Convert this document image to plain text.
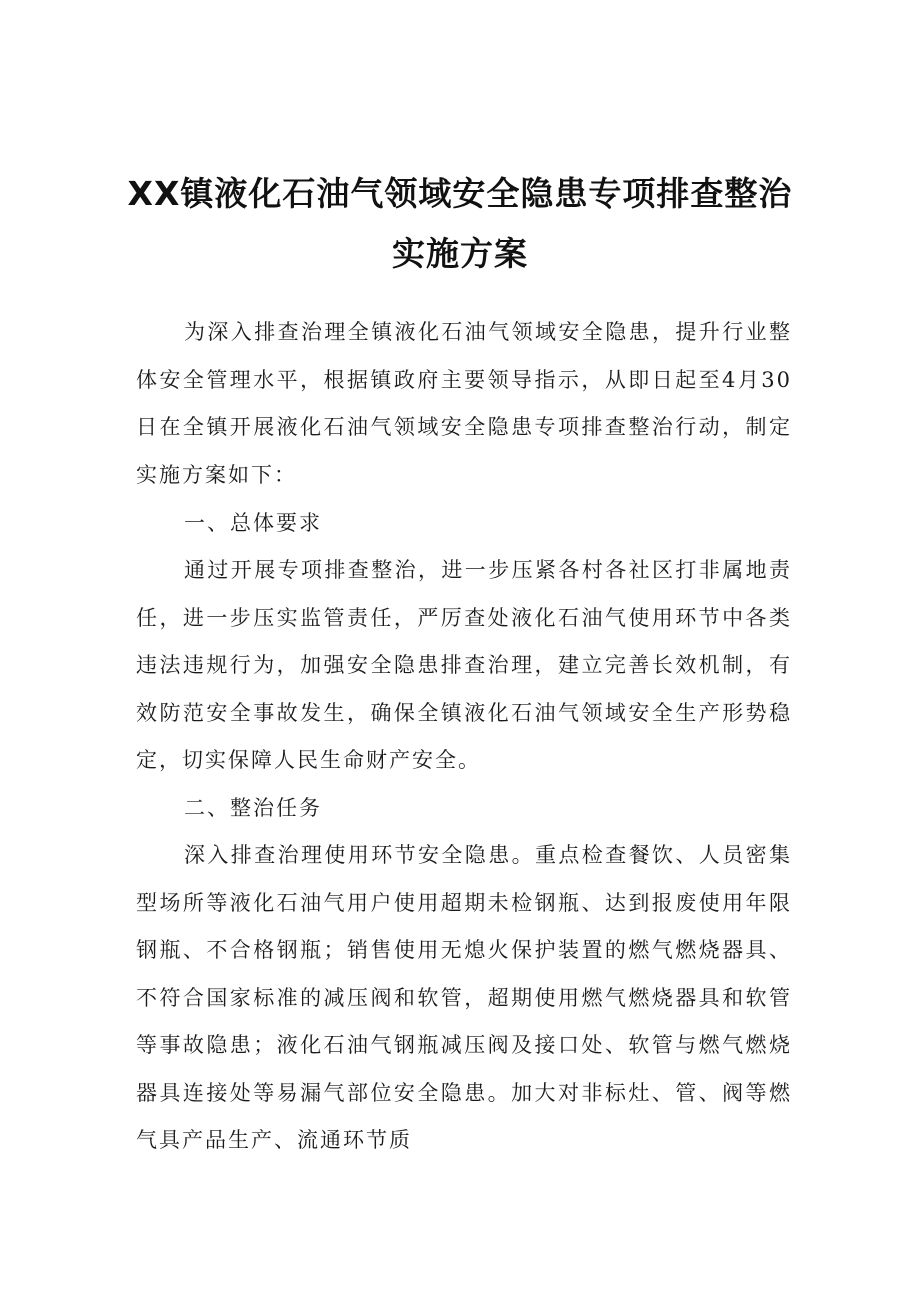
XX镇液化石油气领域安全隐患专项排查整治
实施方案

为深入排查治理全镇液化石油气领域安全隐患，提升行业整体安全管理水平，根据镇政府主要领导指示，从即日起至4月30日在全镇开展液化石油气领域安全隐患专项排查整治行动，制定实施方案如下：

一、总体要求

通过开展专项排查整治，进一步压紧各村各社区打非属地责任，进一步压实监管责任，严厉查处液化石油气使用环节中各类违法违规行为，加强安全隐患排查治理，建立完善长效机制，有效防范安全事故发生，确保全镇液化石油气领域安全生产形势稳定，切实保障人民生命财产安全。

二、整治任务

深入排查治理使用环节安全隐患。重点检查餐饮、人员密集型场所等液化石油气用户使用超期未检钢瓶、达到报废使用年限钢瓶、不合格钢瓶；销售使用无熄火保护装置的燃气燃烧器具、不符合国家标准的减压阀和软管，超期使用燃气燃烧器具和软管等事故隐患；液化石油气钢瓶减压阀及接口处、软管与燃气燃烧器具连接处等易漏气部位安全隐患。加大对非标灶、管、阀等燃气具产品生产、流通环节质
